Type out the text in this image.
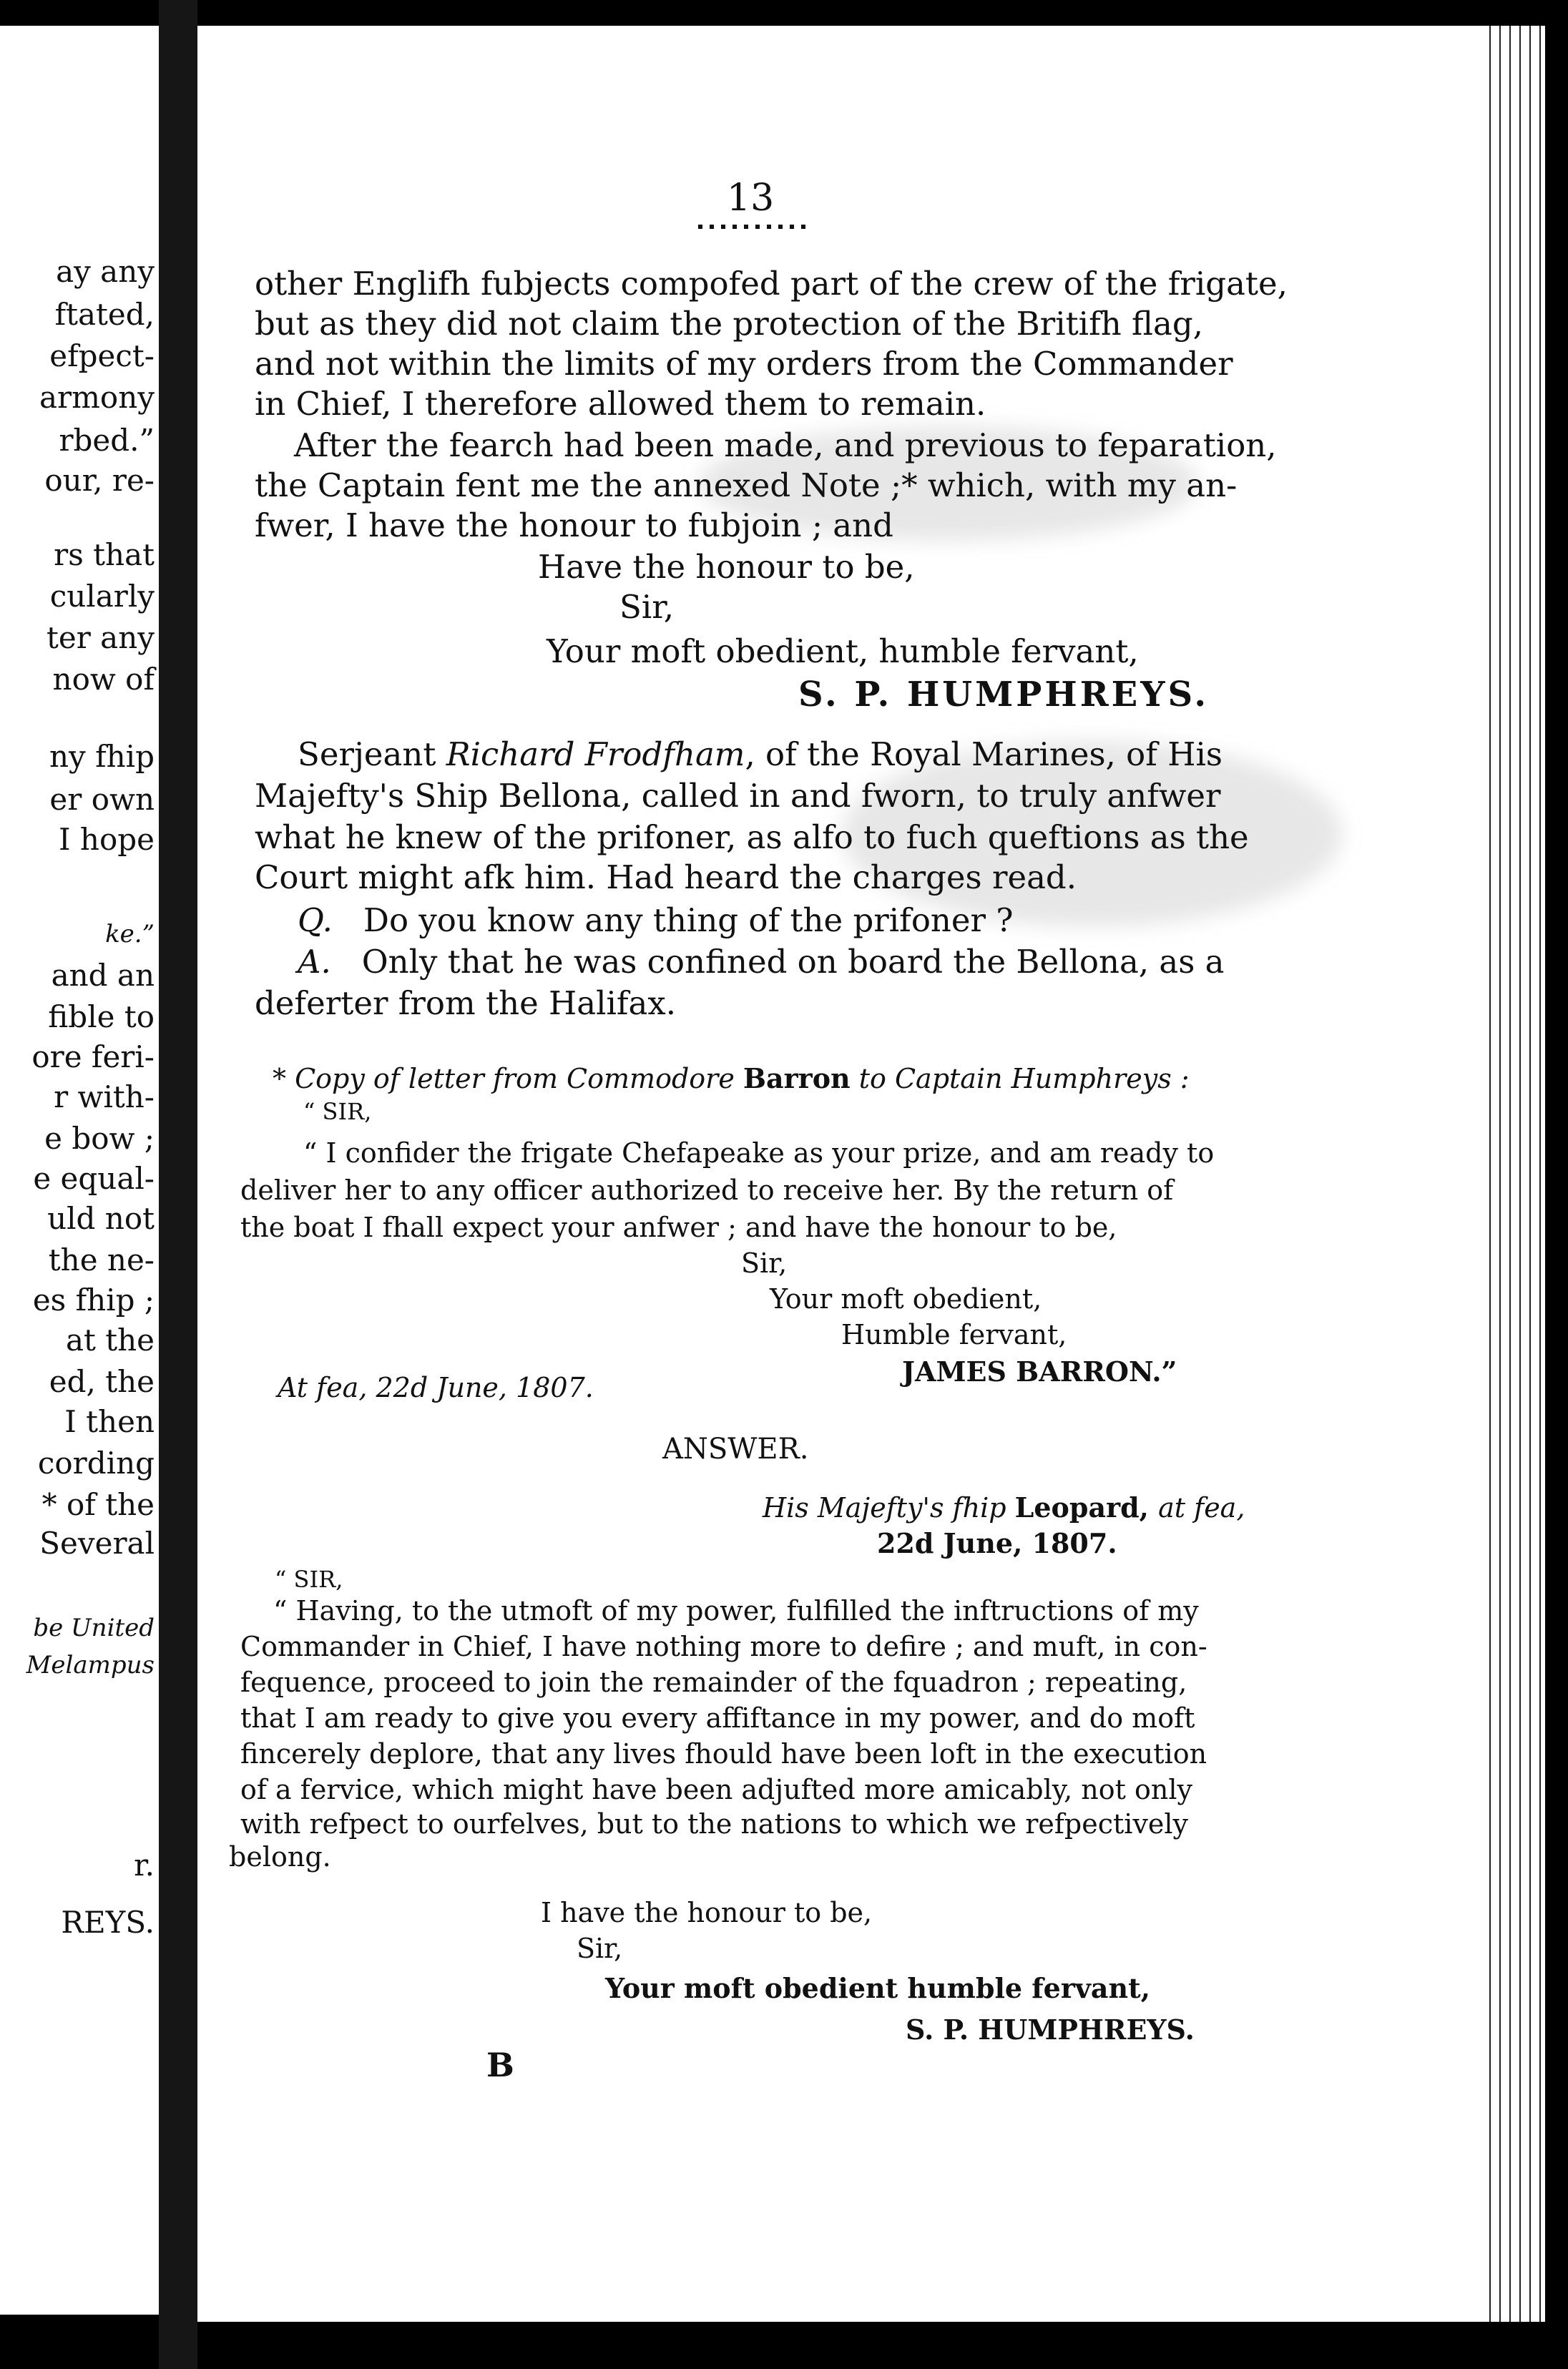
ay any
ftated,
efpect-
armony
rbed.”
our, re-
rs that
cularly
ter any
now of
ny fhip
er own
I hope
ke.”
and an
fible to
ore feri-
r with-
e bow ;
e equal-
uld not
the ne-
es fhip ;
at the
ed, the
I then
cording
* of the
Several
be United
Melampus
r.
REYS.
13
other Englifh fubjects compofed part of the crew of the frigate,
but as they did not claim the protection of the Britifh flag,
and not within the limits of my orders from the Commander
in Chief, I therefore allowed them to remain.
After the fearch had been made, and previous to feparation,
the Captain fent me the annexed Note ;* which, with my an-
fwer, I have the honour to fubjoin ; and
Have the honour to be,
Sir,
Your moft obedient, humble fervant,
S. P. HUMPHREYS.
Serjeant Richard Frodfham, of the Royal Marines, of His
Majefty's Ship Bellona, called in and fworn, to truly anfwer
what he knew of the prifoner, as alfo to fuch queftions as the
Court might afk him. Had heard the charges read.
Q. Do you know any thing of the prifoner ?
A. Only that he was confined on board the Bellona, as a
deferter from the Halifax.
* Copy of letter from Commodore Barron to Captain Humphreys :
“ SIR,
“ I confider the frigate Chefapeake as your prize, and am ready to
deliver her to any officer authorized to receive her. By the return of
the boat I fhall expect your anfwer ; and have the honour to be,
Sir,
Your moft obedient,
Humble fervant,
JAMES BARRON.”
At fea, 22d June, 1807.
ANSWER.
His Majefty's fhip Leopard, at fea,
22d June, 1807.
“ SIR,
“ Having, to the utmoft of my power, fulfilled the inftructions of my
Commander in Chief, I have nothing more to defire ; and muft, in con-
fequence, proceed to join the remainder of the fquadron ; repeating,
that I am ready to give you every affiftance in my power, and do moft
fincerely deplore, that any lives fhould have been loft in the execution
of a fervice, which might have been adjufted more amicably, not only
with refpect to ourfelves, but to the nations to which we refpectively
belong.
I have the honour to be,
Sir,
Your moft obedient humble fervant,
S. P. HUMPHREYS.
B
